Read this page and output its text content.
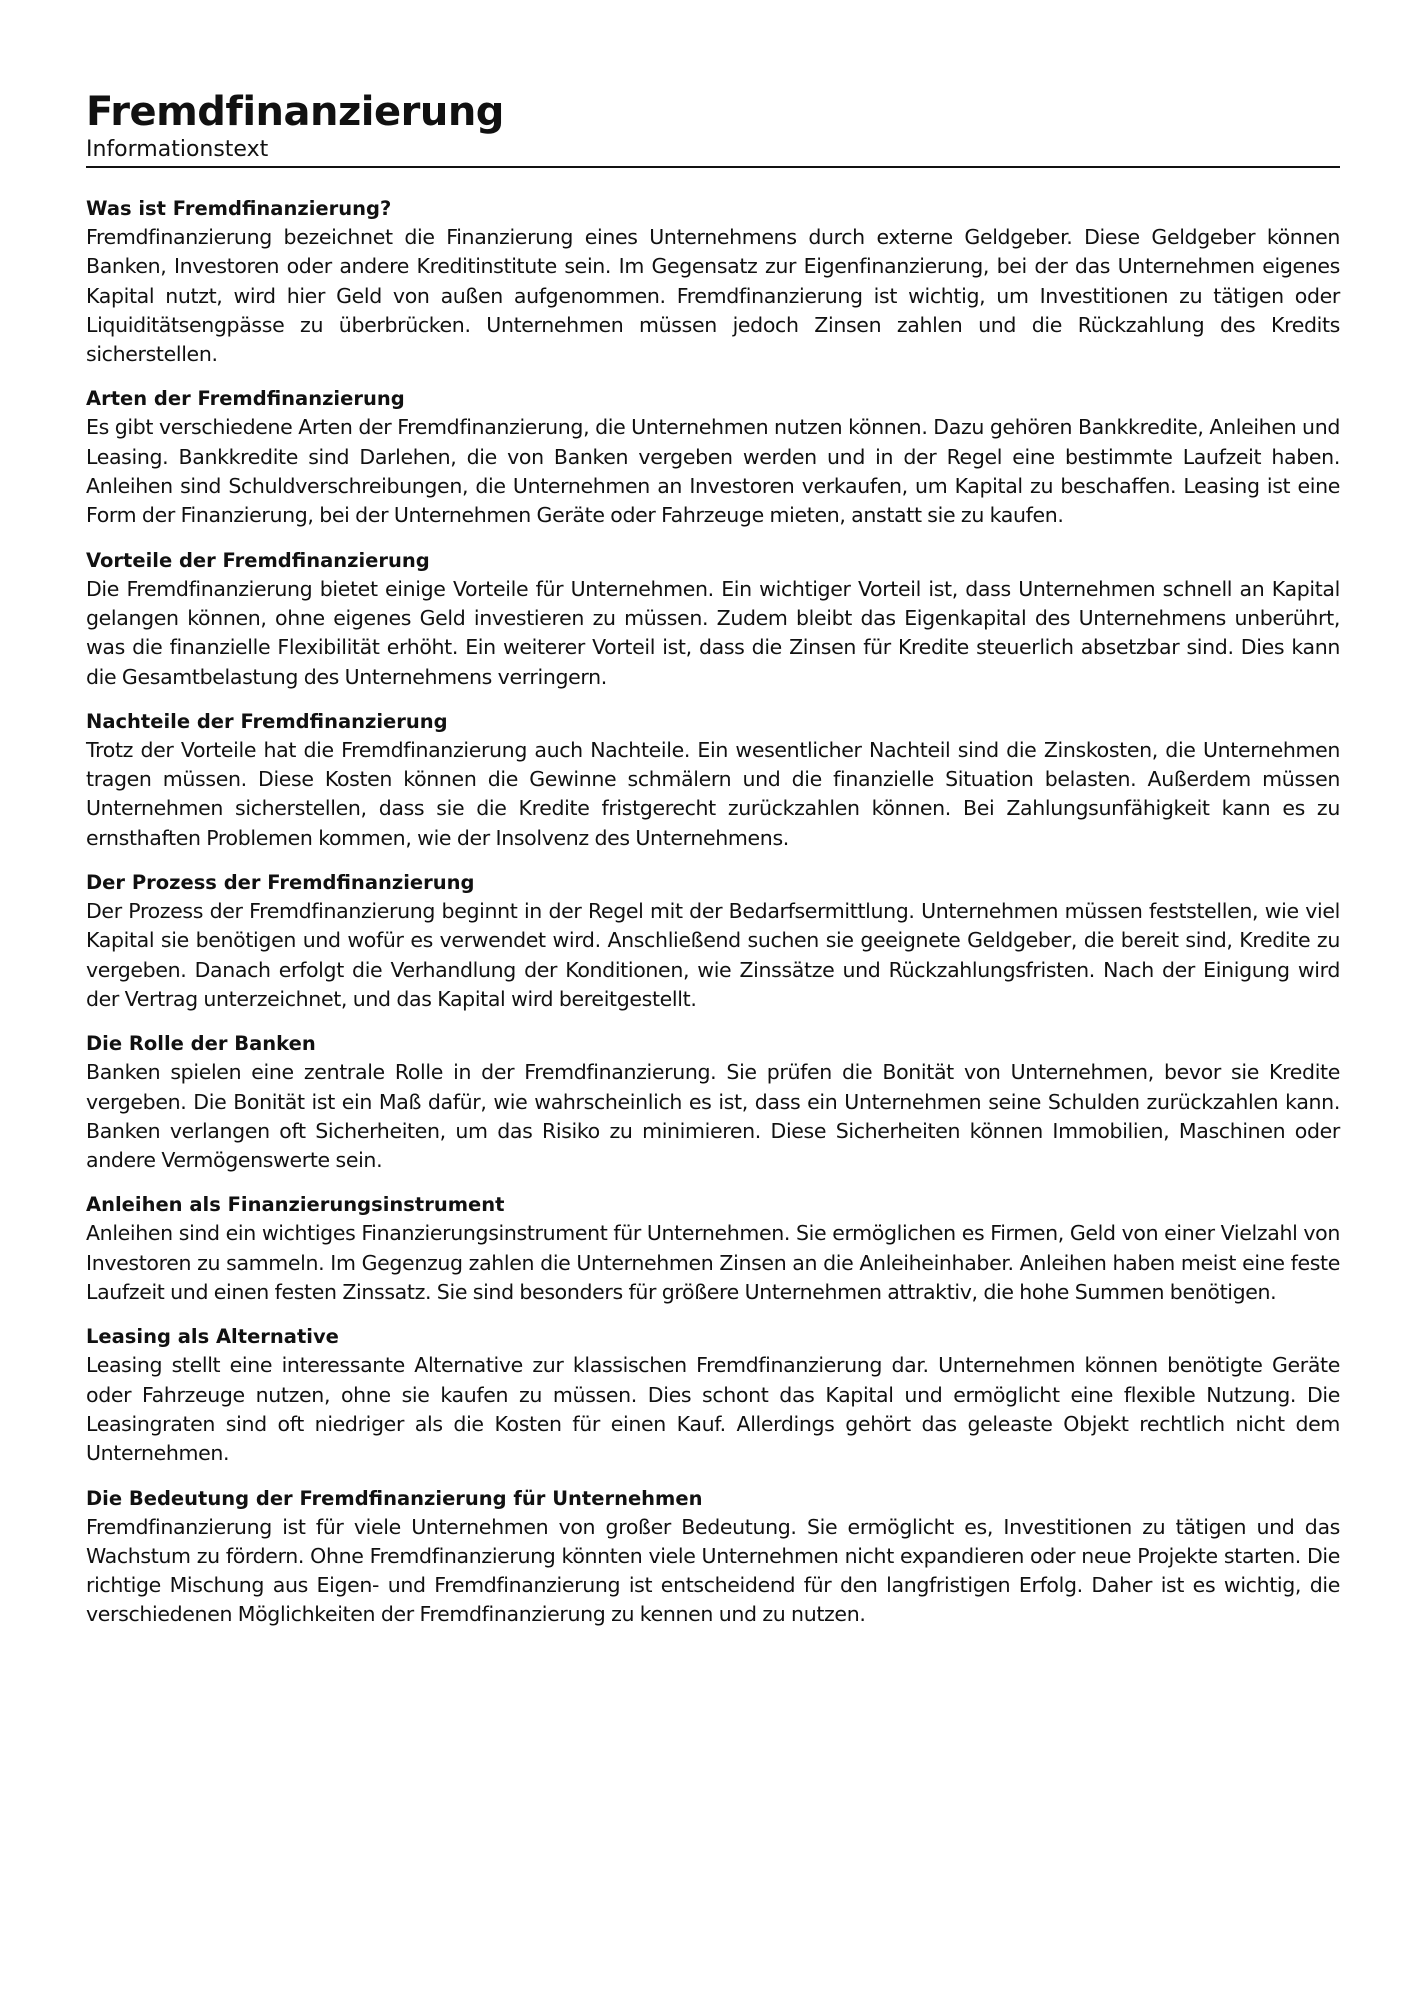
Fremdfinanzierung

Informationstext

Was ist Fremdfinanzierung?

Fremdfinanzierung bezeichnet die Finanzierung eines Unternehmens durch externe Geldgeber. Diese Geldgeber können Banken, Investoren oder andere Kreditinstitute sein. Im Gegensatz zur Eigenfinanzierung, bei der das Unternehmen eigenes Kapital nutzt, wird hier Geld von außen aufgenommen. Fremdfinanzierung ist wichtig, um Investitionen zu tätigen oder Liquiditätsengpässe zu überbrücken. Unternehmen müssen jedoch Zinsen zahlen und die Rückzahlung des Kredits sicherstellen.

Arten der Fremdfinanzierung

Es gibt verschiedene Arten der Fremdfinanzierung, die Unternehmen nutzen können. Dazu gehören Bankkredite, Anleihen und Leasing. Bankkredite sind Darlehen, die von Banken vergeben werden und in der Regel eine bestimmte Laufzeit haben. Anleihen sind Schuldverschreibungen, die Unternehmen an Investoren verkaufen, um Kapital zu beschaffen. Leasing ist eine Form der Finanzierung, bei der Unternehmen Geräte oder Fahrzeuge mieten, anstatt sie zu kaufen.

Vorteile der Fremdfinanzierung

Die Fremdfinanzierung bietet einige Vorteile für Unternehmen. Ein wichtiger Vorteil ist, dass Unternehmen schnell an Kapital gelangen können, ohne eigenes Geld investieren zu müssen. Zudem bleibt das Eigenkapital des Unternehmens unberührt, was die finanzielle Flexibilität erhöht. Ein weiterer Vorteil ist, dass die Zinsen für Kredite steuerlich absetzbar sind. Dies kann die Gesamtbelastung des Unternehmens verringern.

Nachteile der Fremdfinanzierung

Trotz der Vorteile hat die Fremdfinanzierung auch Nachteile. Ein wesentlicher Nachteil sind die Zinskosten, die Unternehmen tragen müssen. Diese Kosten können die Gewinne schmälern und die finanzielle Situation belasten. Außerdem müssen Unternehmen sicherstellen, dass sie die Kredite fristgerecht zurückzahlen können. Bei Zahlungsunfähigkeit kann es zu ernsthaften Problemen kommen, wie der Insolvenz des Unternehmens.

Der Prozess der Fremdfinanzierung

Der Prozess der Fremdfinanzierung beginnt in der Regel mit der Bedarfsermittlung. Unternehmen müssen feststellen, wie viel Kapital sie benötigen und wofür es verwendet wird. Anschließend suchen sie geeignete Geldgeber, die bereit sind, Kredite zu vergeben. Danach erfolgt die Verhandlung der Konditionen, wie Zinssätze und Rückzahlungsfristen. Nach der Einigung wird der Vertrag unterzeichnet, und das Kapital wird bereitgestellt.

Die Rolle der Banken

Banken spielen eine zentrale Rolle in der Fremdfinanzierung. Sie prüfen die Bonität von Unternehmen, bevor sie Kredite vergeben. Die Bonität ist ein Maß dafür, wie wahrscheinlich es ist, dass ein Unternehmen seine Schulden zurückzahlen kann. Banken verlangen oft Sicherheiten, um das Risiko zu minimieren. Diese Sicherheiten können Immobilien, Maschinen oder andere Vermögenswerte sein.

Anleihen als Finanzierungsinstrument

Anleihen sind ein wichtiges Finanzierungsinstrument für Unternehmen. Sie ermöglichen es Firmen, Geld von einer Vielzahl von Investoren zu sammeln. Im Gegenzug zahlen die Unternehmen Zinsen an die Anleiheinhaber. Anleihen haben meist eine feste Laufzeit und einen festen Zinssatz. Sie sind besonders für größere Unternehmen attraktiv, die hohe Summen benötigen.

Leasing als Alternative

Leasing stellt eine interessante Alternative zur klassischen Fremdfinanzierung dar. Unternehmen können benötigte Geräte oder Fahrzeuge nutzen, ohne sie kaufen zu müssen. Dies schont das Kapital und ermöglicht eine flexible Nutzung. Die Leasingraten sind oft niedriger als die Kosten für einen Kauf. Allerdings gehört das geleaste Objekt rechtlich nicht dem Unternehmen.

Die Bedeutung der Fremdfinanzierung für Unternehmen

Fremdfinanzierung ist für viele Unternehmen von großer Bedeutung. Sie ermöglicht es, Investitionen zu tätigen und das Wachstum zu fördern. Ohne Fremdfinanzierung könnten viele Unternehmen nicht expandieren oder neue Projekte starten. Die richtige Mischung aus Eigen- und Fremdfinanzierung ist entscheidend für den langfristigen Erfolg. Daher ist es wichtig, die verschiedenen Möglichkeiten der Fremdfinanzierung zu kennen und zu nutzen.
